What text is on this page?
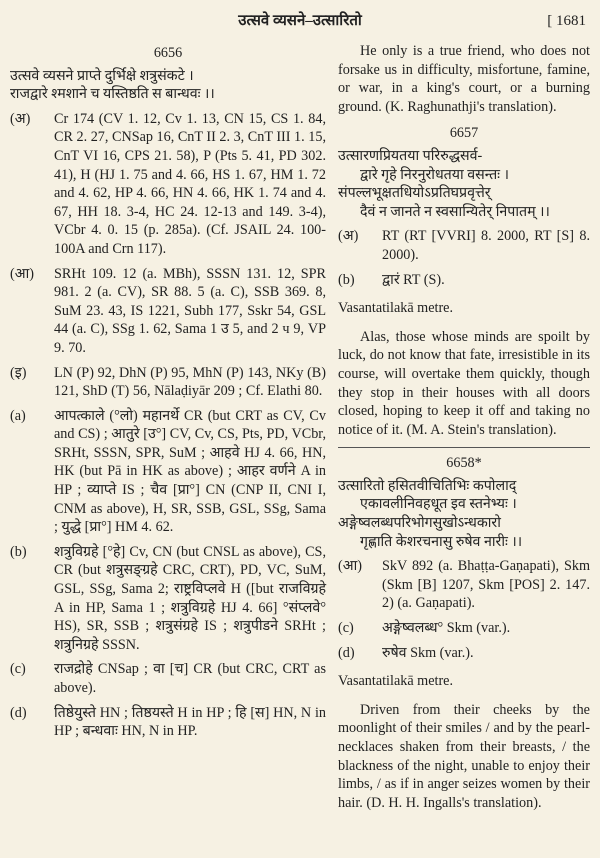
उत्सवे व्यसने–उत्सारितो	[ 1681
6656
उत्सवे व्यसने प्राप्ते दुर्भिक्षे शत्रुसंकटे ।
राजद्वारे श्मशाने च यस्तिष्ठति स बान्धवः ।।
(अ) Cr 174 (CV 1. 12, Cv 1. 13, CN 15, CS 1. 84, CR 2. 27, CNSap 16, CnT II 2. 3, CnT III 1. 15, CnT VI 16, CPS 21. 58), P (Pts 5. 41, PD 302. 41), H (HJ 1. 75 and 4. 66, HS 1. 67, HM 1. 72 and 4. 62, HP 4. 66, HN 4. 66, HK 1. 74 and 4. 67, HH 18. 3-4, HC 24. 12-13 and 149. 3-4), VCbr 4. 0. 15 (p. 285a). (Cf. JSAIL 24. 100-100A and Crn 117).
(आ) SRHt 109. 12 (a. MBh), SSSN 131. 12, SPR 981. 2 (a. CV), SR 88. 5 (a. C), SSB 369. 8, SuM 23. 43, IS 1221, Subh 177, Sskr 54, GSL 44 (a. C), SSg 1. 62, Sama 1 उ 5, and 2 ч 9, VP 9. 70.
(इ) LN (P) 92, DhN (P) 95, MhN (P) 143, NKy (B) 121, ShD (T) 56, Nālaḍiyār 209 ; Cf. Elathi 80.
(a) आपत्काले (°लो) महानर्थे CR (but CRT as CV, Cv and CS) ; आतुरे [उ°] CV, Cv, CS, Pts, PD, VCbr, SRHt, SSSN, SPR, SuM ; आहवे HJ 4. 66, HN, HK (but Pā in HK as above) ; आहर वर्णने A in HP ; व्याप्ते IS ; चैव [प्रा°] CN (CNP II, CNI I, CNM as above), H, SR, SSB, GSL, SSg, Sama ; युद्धे [प्रा°] HM 4. 62.
(b) शत्रुविग्रहे [°हे] Cv, CN (but CNSL as above), CS, CR (but शत्रुसङ्ग्रहे CRC, CRT), PD, VC, SuM, GSL, SSg, Sama 2; राष्ट्रविप्लवे H ([but राजविग्रहे A in HP, Sama 1 ; शत्रुविग्रहे HJ 4. 66] °संप्लवे° HS), SR, SSB ; शत्रुसंग्रहे IS ; शत्रुपीडने SRHt ; शत्रुनिग्रहे SSSN.
(c) राजद्रोहे CNSap ; वा [च] CR (but CRC, CRT as above).
(d) तिष्ठेयुस्ते HN ; तिष्ठयस्ते H in HP ; हि [स] HN, N in HP ; बन्धवाः HN, N in HP.
He only is a true friend, who does not forsake us in difficulty, misfortune, famine, or war, in a king's court, or a burning ground. (K. Raghunathji's translation).
6657
उत्सारणप्रियतया परिरुद्धसर्व-
द्वारे गृहे निरनुरोधतया वसन्तः ।
संपल्लभूक्षतधियोऽप्रतिघप्रवृत्तेर्
दैवं न जानते न स्वसान्यितेर् निपातम् ।।
(अ) RT (RT [VVRI] 8. 2000, RT [S] 8. 2000).
(b) द्वारं RT (S).
Vasantatilakā metre.
Alas, those whose minds are spoilt by luck, do not know that fate, irresistible in its course, will overtake them quickly, though they stop in their houses with all doors closed, hoping to keep it off and taking no notice of it. (M. A. Stein's translation).
6658*
उत्सारितो हसितवीचितिभिः कपोलाद्
एकावलीनिवहधूत इव स्तनेभ्यः ।
अङ्गेष्वलब्धपरिभोगसुखोऽन्धकारो
गृह्णाति केशरचनासु रुषेव नारीः ।।
(आ) SkV 892 (a. Bhaṭṭa-Gaṇapati), Skm (Skm [B] 1207, Skm [POS] 2. 147. 2) (a. Gaṇapati).
(c) अङ्गेष्वलब्ध° Skm (var.).
(d) रुषेव Skm (var.).
Vasantatilakā metre.
Driven from their cheeks by the moonlight of their smiles / and by the pearl-necklaces shaken from their breasts, / the blackness of the night, unable to enjoy their limbs, / as if in anger seizes women by their hair. (D. H. H. Ingalls's translation).
